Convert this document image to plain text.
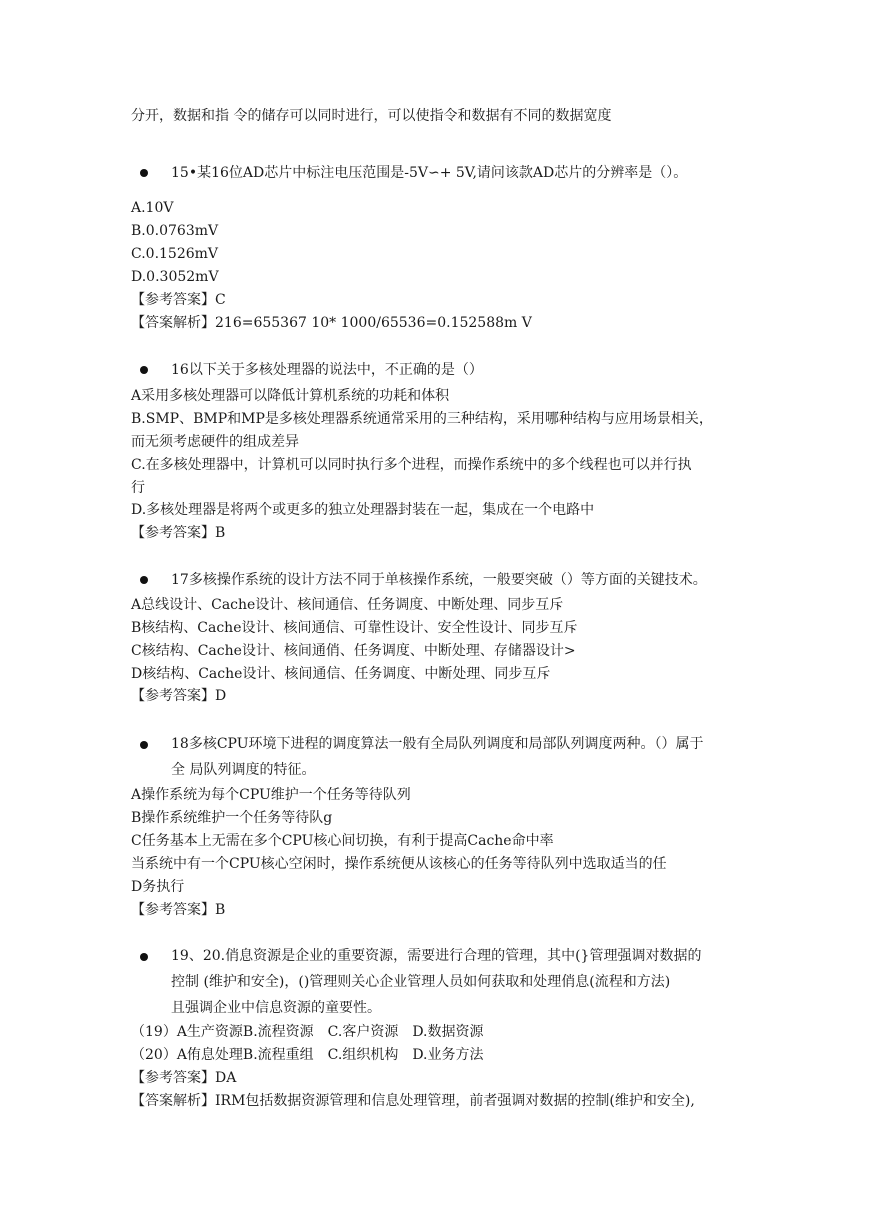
分开，数据和指 令的储存可以同时进行，可以使指令和数据有不同的数据宽度
15•某16位AD芯片中标注电压范围是-5V∽+ 5V,请问该款AD芯片的分辨率是（）。
A.10V
B.0.0763mV
C.0.1526mV
D.0.3052mV
【参考答案】C
【答案解析】216=655367 10* 1000/65536=0.152588m V
16以下关于多核处理器的说法中，不正确的是（）
A采用多核处理器可以降低计算机系统的功耗和体积
B.SMP、BMP和MP是多核处理器系统通常采用的三种结构，采用哪种结构与应用场景相关，
而无须考虑硬件的组成差异
C.在多核处理器中，计算机可以同时执行多个进程，而操作系统中的多个线程也可以并行执
行
D.多核处理器是将两个或更多的独立处理器封装在一起，集成在一个电路中
【参考答案】B
17多核操作系统的设计方法不同于单核操作系统，一般要突破（）等方面的关键技术。
A总线设计、Cache设计、核间通信、任务调度、中断处理、同步互斥
B核结构、Cache设计、核间通信、可靠性设计、安全性设计、同步互斥
C核结构、Cache设计、核间通俏、任务调度、中断处理、存储器设计>
D核结构、Cache设计、核间通信、任务调度、中断处理、同步互斥
【参考答案】D
18多核CPU环境下进程的调度算法一般有全局队列调度和局部队列调度两种。（）属于
全 局队列调度的特征。
A操作系统为每个CPU维护一个任务等待队列
B操作系统维护一个任务等待队g
C任务基本上无需在多个CPU核心间切换，有利于提高Cache命中率
当系统中有一个CPU核心空闲时，操作系统便从该核心的任务等待队列中选取适当的任
D务执行
【参考答案】B
19、20.俏息资源是企业的重要资源，需要进行合理的管理，其中(}管理强调对数据的
控制 (维护和安全)，()管理则关心企业管理人员如何获取和处理俏息(流程和方法)
且强调企业中信息资源的童要性。
（19）A生产资源B.流程资源　C.客户资源　D.数据资源
（20）A侑息处理B.流程重组　C.组织机构　D.业务方法
【参考答案】DA
【答案解析】IRM包括数据资源管理和信息处理管理，前者强调对数据的控制(维护和安全),
